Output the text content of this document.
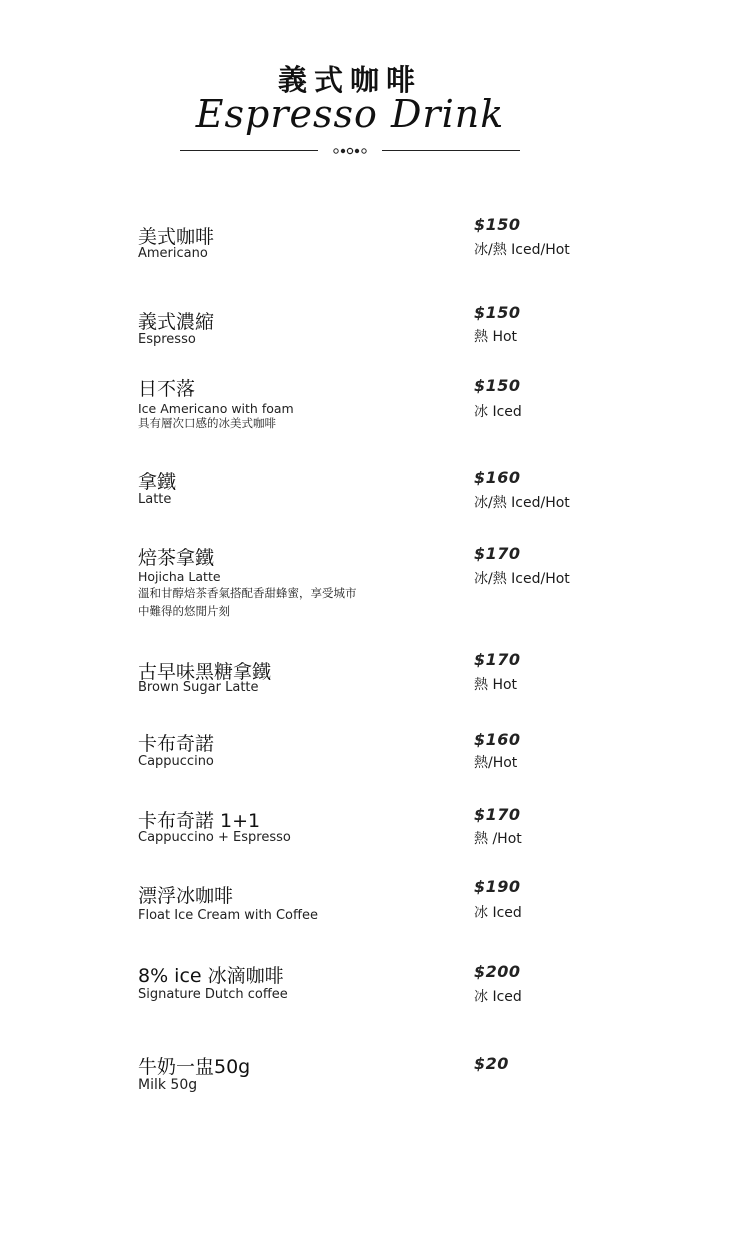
義式咖啡
Espresso Drink
美式咖啡
Americano
$150
冰/熱 Iced/Hot
義式濃縮
Espresso
$150
熱 Hot
日不落
Ice Americano with foam
具有層次口感的冰美式咖啡
$150
冰 Iced
拿鐵
Latte
$160
冰/熱 Iced/Hot
焙茶拿鐵
Hojicha Latte
溫和甘醇焙茶香氣搭配香甜蜂蜜，享受城市
中難得的悠閒片刻
$170
冰/熱 Iced/Hot
古早味黑糖拿鐵
Brown Sugar Latte
$170
熱 Hot
卡布奇諾
Cappuccino
$160
熱/Hot
卡布奇諾 1+1
Cappuccino + Espresso
$170
熱 /Hot
漂浮冰咖啡
Float Ice Cream with Coffee
$190
冰 Iced
8% ice 冰滴咖啡
Signature Dutch coffee
$200
冰 Iced
牛奶一盅50g
Milk 50g
$20
